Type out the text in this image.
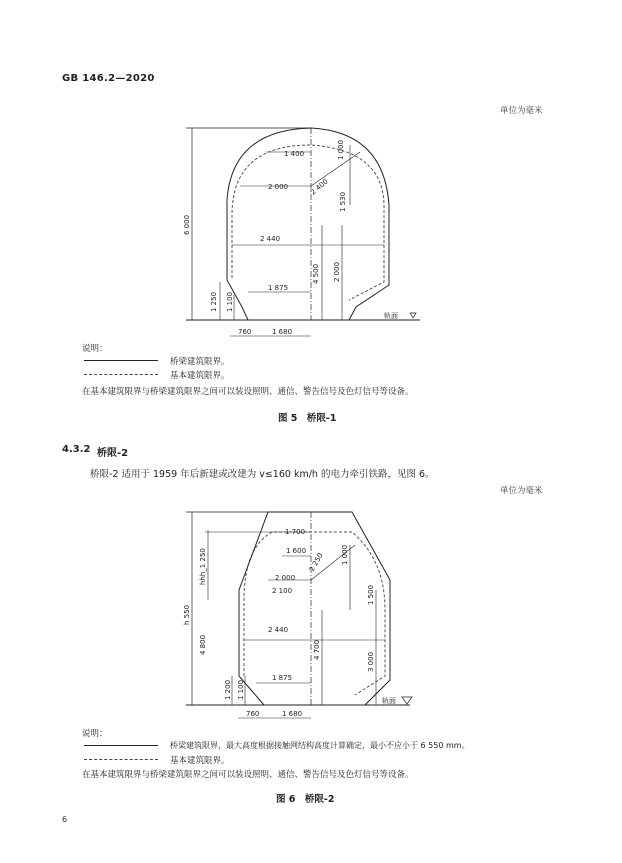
GB 146.2—2020
单位为毫米
1 400	1 000
2 000	2 400
1 530
6 000
2 440
4 500 2 000
1 875
1 250 1 100
760	1 680
轨面
说明：
桥梁建筑限界。
基本建筑限界。
在基本建筑限界与桥梁建筑限界之间可以装设照明、通信、警告信号及色灯信号等设备。
图 5　桥限-1
4.3.2 桥限-2
桥限-2 适用于 1959 年后新建或改建为 v≤160 km/h 的电力牵引铁路，见图 6。
单位为毫米
1 700
1 600
2 250 1 000
hhh_1 250	2 000
2 100	1 500
h 550
2 440
4 800	4 700
3 000
1 875
1 200 1 100
760	1 680
轨面
说明：
桥梁建筑限界，最大高度根据接触网结构高度计算确定，最小不应小于 6 550 mm。
基本建筑限界。
在基本建筑限界与桥梁建筑限界之间可以装设照明、通信、警告信号及色灯信号等设备。
图 6　桥限-2
6
